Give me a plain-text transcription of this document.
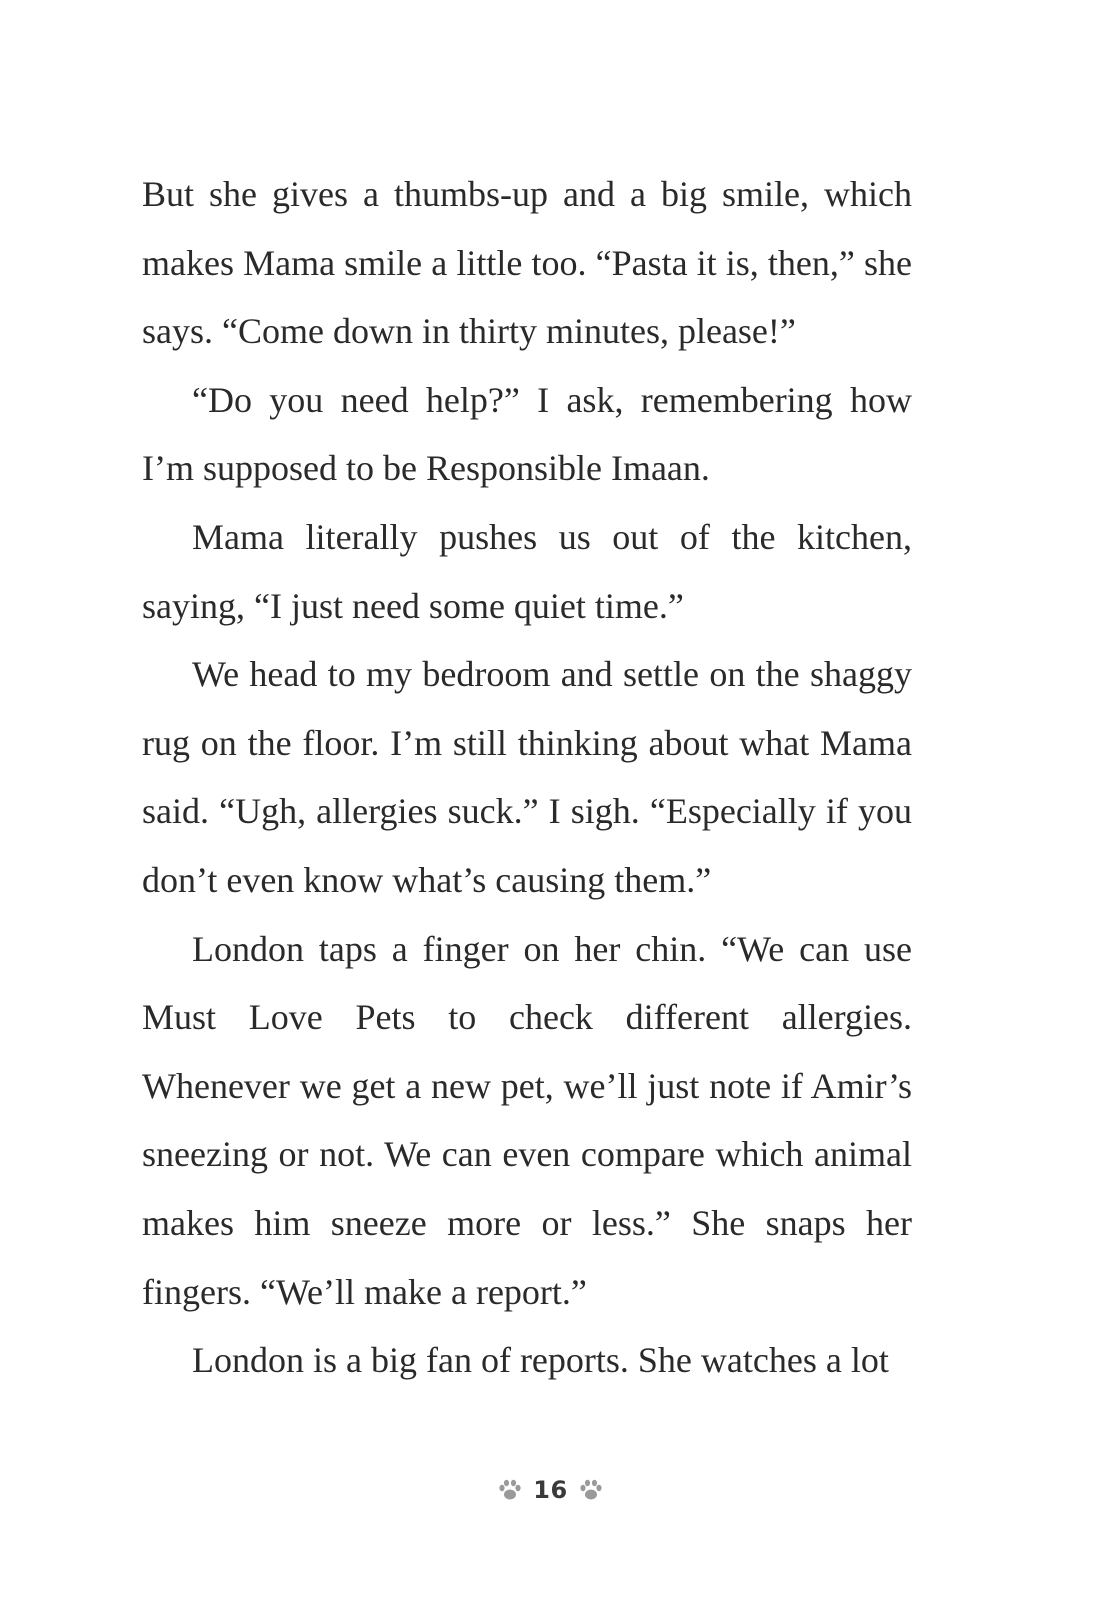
But she gives a thumbs-up and a big smile, which makes Mama smile a little too. “Pasta it is, then,” she says. “Come down in thirty minutes, please!”

“Do you need help?” I ask, remembering how I’m supposed to be Responsible Imaan.

Mama literally pushes us out of the kitchen, saying, “I just need some quiet time.”

We head to my bedroom and settle on the shaggy rug on the floor. I’m still thinking about what Mama said. “Ugh, allergies suck.” I sigh. “Especially if you don’t even know what’s causing them.”

London taps a finger on her chin. “We can use Must Love Pets to check different allergies. Whenever we get a new pet, we’ll just note if Amir’s sneezing or not. We can even compare which animal makes him sneeze more or less.” She snaps her fingers. “We’ll make a report.”

London is a big fan of reports. She watches a lot

16
